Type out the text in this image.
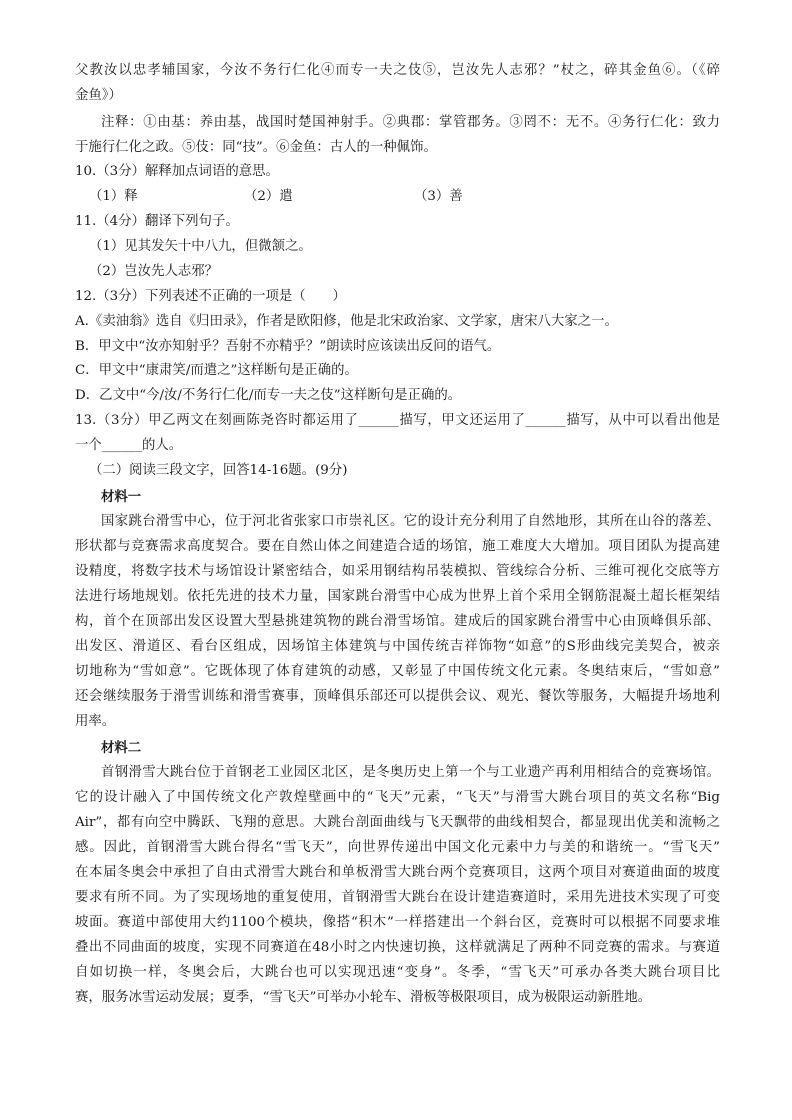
父教汝以忠孝辅国家，今汝不务行仁化④而专一夫之伎⑤，岂汝先人志邪？”杖之，碎其金鱼⑥。（《碎
金鱼》）
注释：①由基：养由基，战国时楚国神射手。②典郡：掌管郡务。③罔不：无不。④务行仁化：致力
于施行仁化之政。⑤伎：同“技”。⑥金鱼：古人的一种佩饰。
10.（3分）解释加点词语的意思。
（1）释	（2）遣	（3）善
11.（4分）翻译下列句子。
（1）见其发矢十中八九，但微颔之。
（2）岂汝先人志邪？
12.（3分）下列表述不正确的一项是（　　）
A.《卖油翁》选自《归田录》，作者是欧阳修，他是北宋政治家、文学家，唐宋八大家之一。
B．甲文中“汝亦知射乎？吾射不亦精乎？”朗读时应该读出反问的语气。
C．甲文中“康肃笑/而遣之”这样断句是正确的。
D．乙文中“今/汝/不务行仁化/而专一夫之伎”这样断句是正确的。
13.（3分）甲乙两文在刻画陈尧咨时都运用了______描写，甲文还运用了______描写，从中可以看出他是
一个______的人。
（二）阅读三段文字，回答14-16题。(9分)
材料一
国家跳台滑雪中心，位于河北省张家口市崇礼区。它的设计充分利用了自然地形，其所在山谷的落差、
形状都与竞赛需求高度契合。要在自然山体之间建造合适的场馆，施工难度大大增加。项目团队为提高建
设精度，将数字技术与场馆设计紧密结合，如采用钢结构吊装模拟、管线综合分析、三维可视化交底等方
法进行场地规划。依托先进的技术力量，国家跳台滑雪中心成为世界上首个采用全钢筋混凝土超长框架结
构，首个在顶部出发区设置大型悬挑建筑物的跳台滑雪场馆。建成后的国家跳台滑雪中心由顶峰俱乐部、
出发区、滑道区、看台区组成，因场馆主体建筑与中国传统吉祥饰物“如意”的S形曲线完美契合，被亲
切地称为“雪如意”。它既体现了体育建筑的动感，又彰显了中国传统文化元素。冬奥结束后，“雪如意”
还会继续服务于滑雪训练和滑雪赛事，顶峰俱乐部还可以提供会议、观光、餐饮等服务，大幅提升场地利
用率。
材料二
首钢滑雪大跳台位于首钢老工业园区北区，是冬奥历史上第一个与工业遗产再利用相结合的竞赛场馆。
它的设计融入了中国传统文化产敦煌壁画中的“飞天”元素，“飞天”与滑雪大跳台项目的英文名称“Big
Air”，都有向空中腾跃、飞翔的意思。大跳台剖面曲线与飞天飘带的曲线相契合，都显现出优美和流畅之
感。因此，首钢滑雪大跳台得名“雪飞天”，向世界传递出中国文化元素中力与美的和谐统一。“雪飞天”
在本届冬奥会中承担了自由式滑雪大跳台和单板滑雪大跳台两个竞赛项目，这两个项目对赛道曲面的坡度
要求有所不同。为了实现场地的重复使用，首钢滑雪大跳台在设计建造赛道时，采用先进技术实现了可变
坡面。赛道中部使用大约1100个模块，像搭“积木”一样搭建出一个斜台区，竞赛时可以根据不同要求堆
叠出不同曲面的坡度，实现不同赛道在48小时之内快速切换，这样就满足了两种不同竞赛的需求。与赛道
自如切换一样，冬奥会后，大跳台也可以实现迅速“变身”。冬季，“雪飞天”可承办各类大跳台项目比
赛，服务冰雪运动发展；夏季，“雪飞天”可举办小轮车、滑板等极限项目，成为极限运动新胜地。
